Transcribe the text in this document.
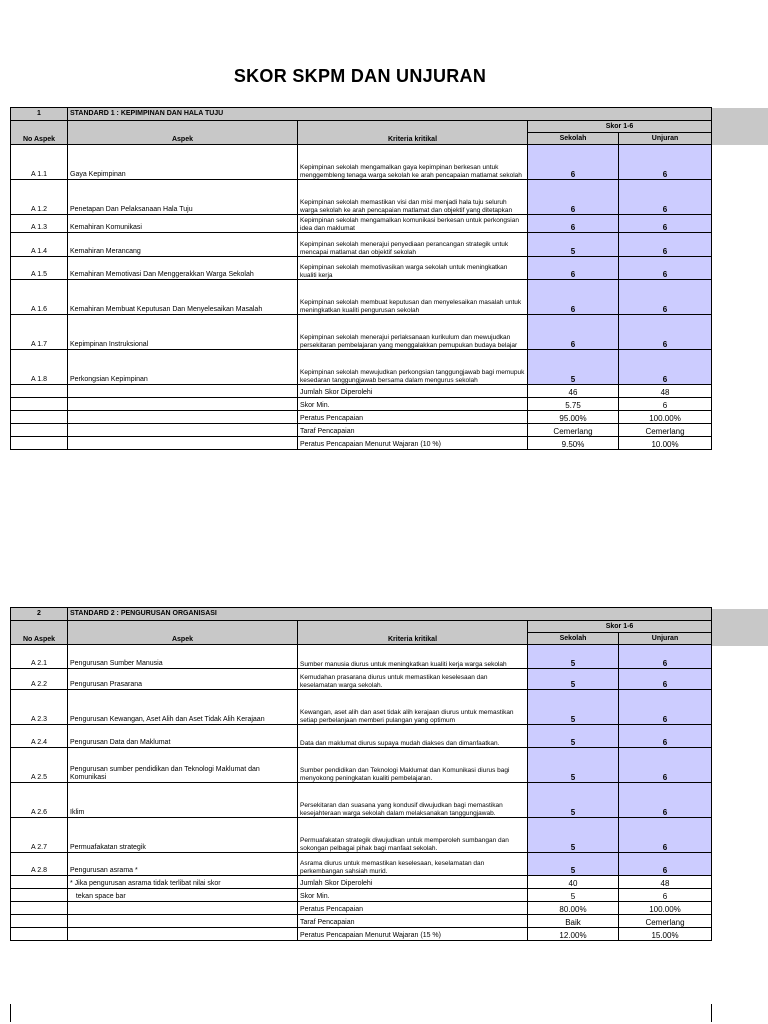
SKOR SKPM DAN UNJURAN
1	STANDARD 1 : KEPIMPINAN DAN HALA TUJU			
No Aspek	Aspek	Kriteria kritikal	Skor 1-6	
			Sekolah	Unjuran
A 1.1	Gaya Kepimpinan	Kepimpinan sekolah mengamalkan gaya kepimpinan berkesan untuk menggembleng tenaga warga sekolah ke arah pencapaian matlamat sekolah	6	6
A 1.2	Penetapan Dan Pelaksanaan Hala Tuju	Kepimpinan sekolah memastikan visi dan misi menjadi hala tuju seluruh warga sekolah ke arah pencapaian matlamat dan objektif yang ditetapkan	6	6
A 1.3	Kemahiran Komunikasi	Kepimpinan sekolah mengamalkan komunikasi berkesan untuk perkongsian idea dan maklumat	6	6
A 1.4	Kemahiran Merancang	Kepimpinan sekolah menerajui penyediaan perancangan strategik untuk mencapai matlamat dan objektif sekolah	5	6
A 1.5	Kemahiran Memotivasi Dan Menggerakkan Warga Sekolah	Kepimpinan sekolah memotivasikan warga sekolah untuk meningkatkan kualiti kerja	6	6
A 1.6	Kemahiran Membuat Keputusan Dan Menyelesaikan Masalah	Kepimpinan sekolah membuat keputusan dan menyelesaikan masalah untuk meningkatkan kualiti pengurusan sekolah	6	6
A 1.7	Kepimpinan Instruksional	Kepimpinan sekolah menerajui perlaksanaan kurikulum dan mewujudkan persekitaran pembelajaran yang menggalakkan pemupukan budaya belajar	6	6
A 1.8	Perkongsian Kepimpinan	Kepimpinan sekolah mewujudkan perkongsian tanggungjawab bagi memupuk kesedaran tanggungjawab bersama dalam mengurus sekolah	5	6
		Jumlah Skor Diperolehi	46	48
		Skor Min.	5.75	6
		Peratus Pencapaian	95.00%	100.00%
		Taraf Pencapaian	Cemerlang	Cemerlang
		Peratus Pencapaian Menurut Wajaran (10 %)	9.50%	10.00%
2	STANDARD 2 : PENGURUSAN ORGANISASI			
No Aspek	Aspek	Kriteria kritikal	Skor 1-6	
			Sekolah	Unjuran
A 2.1	Pengurusan Sumber Manusia	Sumber manusia diurus untuk meningkatkan kualiti kerja warga sekolah	5	6
A 2.2	Pengurusan Prasarana	Kemudahan prasarana diurus untuk memastikan keselesaan dan keselamatan warga sekolah.	5	6
A 2.3	Pengurusan Kewangan, Aset Alih dan Aset Tidak Alih Kerajaan	Kewangan, aset alih dan aset tidak alih kerajaan diurus untuk memastikan setiap perbelanjaan memberi pulangan yang optimum	5	6
A 2.4	Pengurusan Data dan Maklumat	Data dan maklumat diurus supaya mudah diakses dan dimanfaatkan.	5	6
A 2.5	Pengurusan sumber pendidikan dan Teknologi Maklumat dan Komunikasi	Sumber pendidikan dan Teknologi Maklumat dan Komunikasi diurus bagi menyokong peningkatan kualiti pembelajaran.	5	6
A 2.6	Iklim	Persekitaran dan suasana yang kondusif diwujudkan bagi memastikan kesejahteraan warga sekolah dalam melaksanakan tanggungjawab.	5	6
A 2.7	Permuafakatan strategik	Permuafakatan strategik diwujudkan untuk memperoleh sumbangan dan sokongan pelbagai pihak bagi manfaat sekolah.	5	6
A 2.8	Pengurusan asrama *	Asrama diurus untuk memastikan keselesaan, keselamatan dan perkembangan sahsiah murid.	5	6
	* Jika pengurusan asrama tidak terlibat nilai skor	Jumlah Skor Diperolehi	40	48
	tekan space bar	Skor Min.	5	6
		Peratus Pencapaian	80.00%	100.00%
		Taraf Pencapaian	Baik	Cemerlang
		Peratus Pencapaian Menurut Wajaran (15 %)	12.00%	15.00%
